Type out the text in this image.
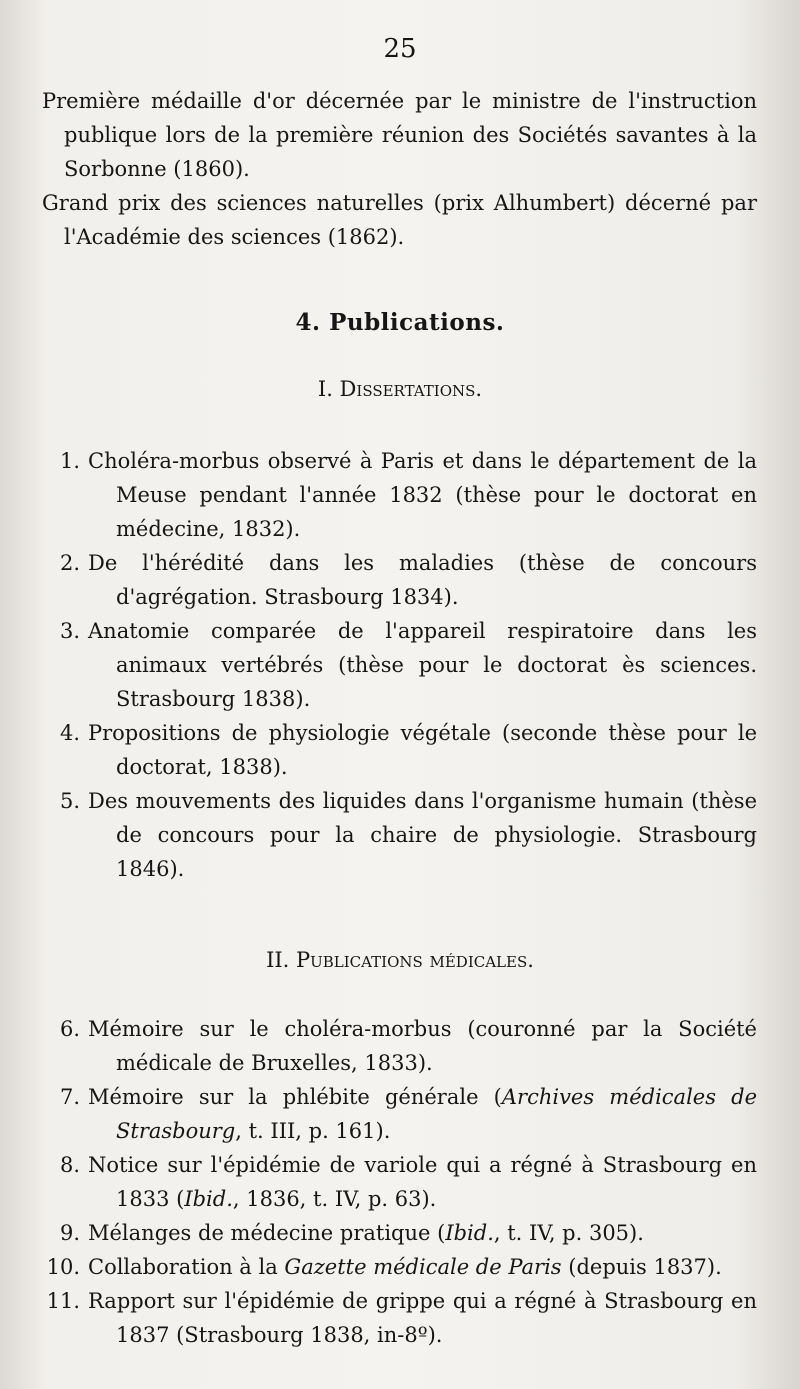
25
Première médaille d'or décernée par le ministre de l'instruction publique lors de la première réunion des Sociétés savantes à la Sorbonne (1860).
Grand prix des sciences naturelles (prix Alhumbert) décerné par l'Académie des sciences (1862).
4. Publications.
I. Dissertations.
1. Choléra-morbus observé à Paris et dans le département de la Meuse pendant l'année 1832 (thèse pour le doctorat en médecine, 1832).
2. De l'hérédité dans les maladies (thèse de concours d'agrégation. Strasbourg 1834).
3. Anatomie comparée de l'appareil respiratoire dans les animaux vertébrés (thèse pour le doctorat ès sciences. Strasbourg 1838).
4. Propositions de physiologie végétale (seconde thèse pour le doctorat, 1838).
5. Des mouvements des liquides dans l'organisme humain (thèse de concours pour la chaire de physiologie. Strasbourg 1846).
II. Publications médicales.
6. Mémoire sur le choléra-morbus (couronné par la Société médicale de Bruxelles, 1833).
7. Mémoire sur la phlébite générale (Archives médicales de Strasbourg, t. III, p. 161).
8. Notice sur l'épidémie de variole qui a régné à Strasbourg en 1833 (Ibid., 1836, t. IV, p. 63).
9. Mélanges de médecine pratique (Ibid., t. IV, p. 305).
10. Collaboration à la Gazette médicale de Paris (depuis 1837).
11. Rapport sur l'épidémie de grippe qui a régné à Strasbourg en 1837 (Strasbourg 1838, in-8º).
